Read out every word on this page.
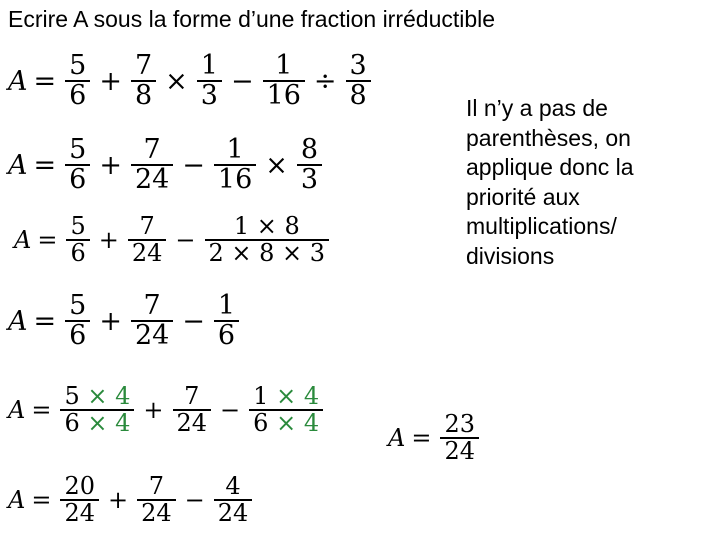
Ecrire A sous la forme d’une fraction irréductible
$A = \frac{5}{6} + \frac{7}{8} \times \frac{1}{3} - \frac{1}{16} \div \frac{3}{8}$
$A = \frac{5}{6} + \frac{7}{24} - \frac{1}{16} \times \frac{8}{3}$
$A = \frac{5}{6} + \frac{7}{24} - \frac{1 \times 8}{2 \times 8 \times 3}$
$A = \frac{5}{6} + \frac{7}{24} - \frac{1}{6}$
$A = \frac{5 \times 4}{6 \times 4} + \frac{7}{24} - \frac{1 \times 4}{6 \times 4}$
$A = \frac{20}{24} + \frac{7}{24} - \frac{4}{24}$
$A = \frac{23}{24}$
Il n’y a pas de parenthèses, on applique donc la priorité aux multiplications/ divisions
